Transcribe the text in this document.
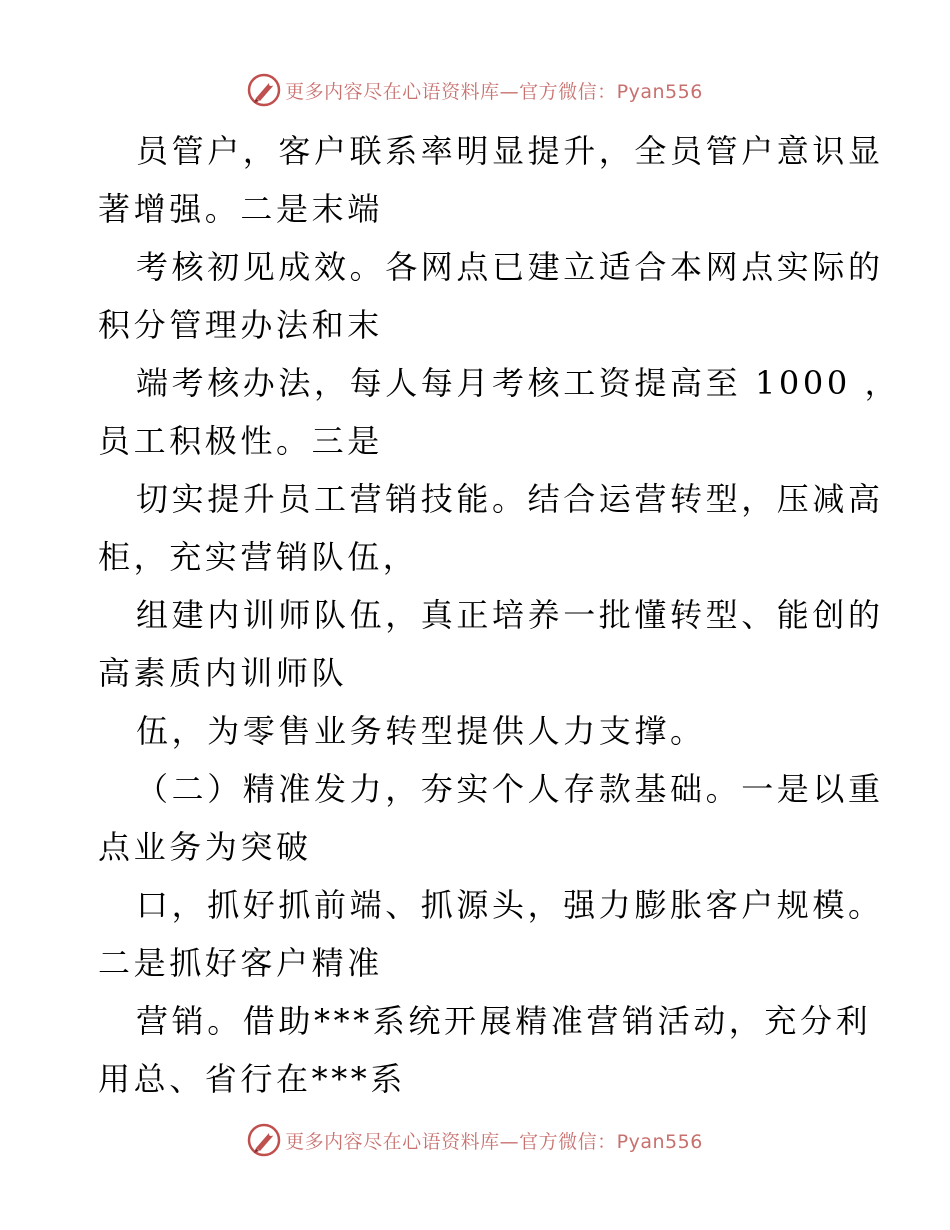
更多内容尽在心语资料库—官方微信：Pyan556

员管户，客户联系率明显提升，全员管户意识显
著增强。二是末端

考核初见成效。各网点已建立适合本网点实际的
积分管理办法和末

端考核办法，每人每月考核工资提高至 1000 ，
员工积极性。三是

切实提升员工营销技能。结合运营转型，压减高
柜，充实营销队伍，

组建内训师队伍，真正培养一批懂转型、能创的
高素质内训师队

伍，为零售业务转型提供人力支撑。

（二）精准发力，夯实个人存款基础。一是以重
点业务为突破

口，抓好抓前端、抓源头，强力膨胀客户规模。
二是抓好客户精准

营销。借助***系统开展精准营销活动，充分利
用总、省行在***系

更多内容尽在心语资料库—官方微信：Pyan556
